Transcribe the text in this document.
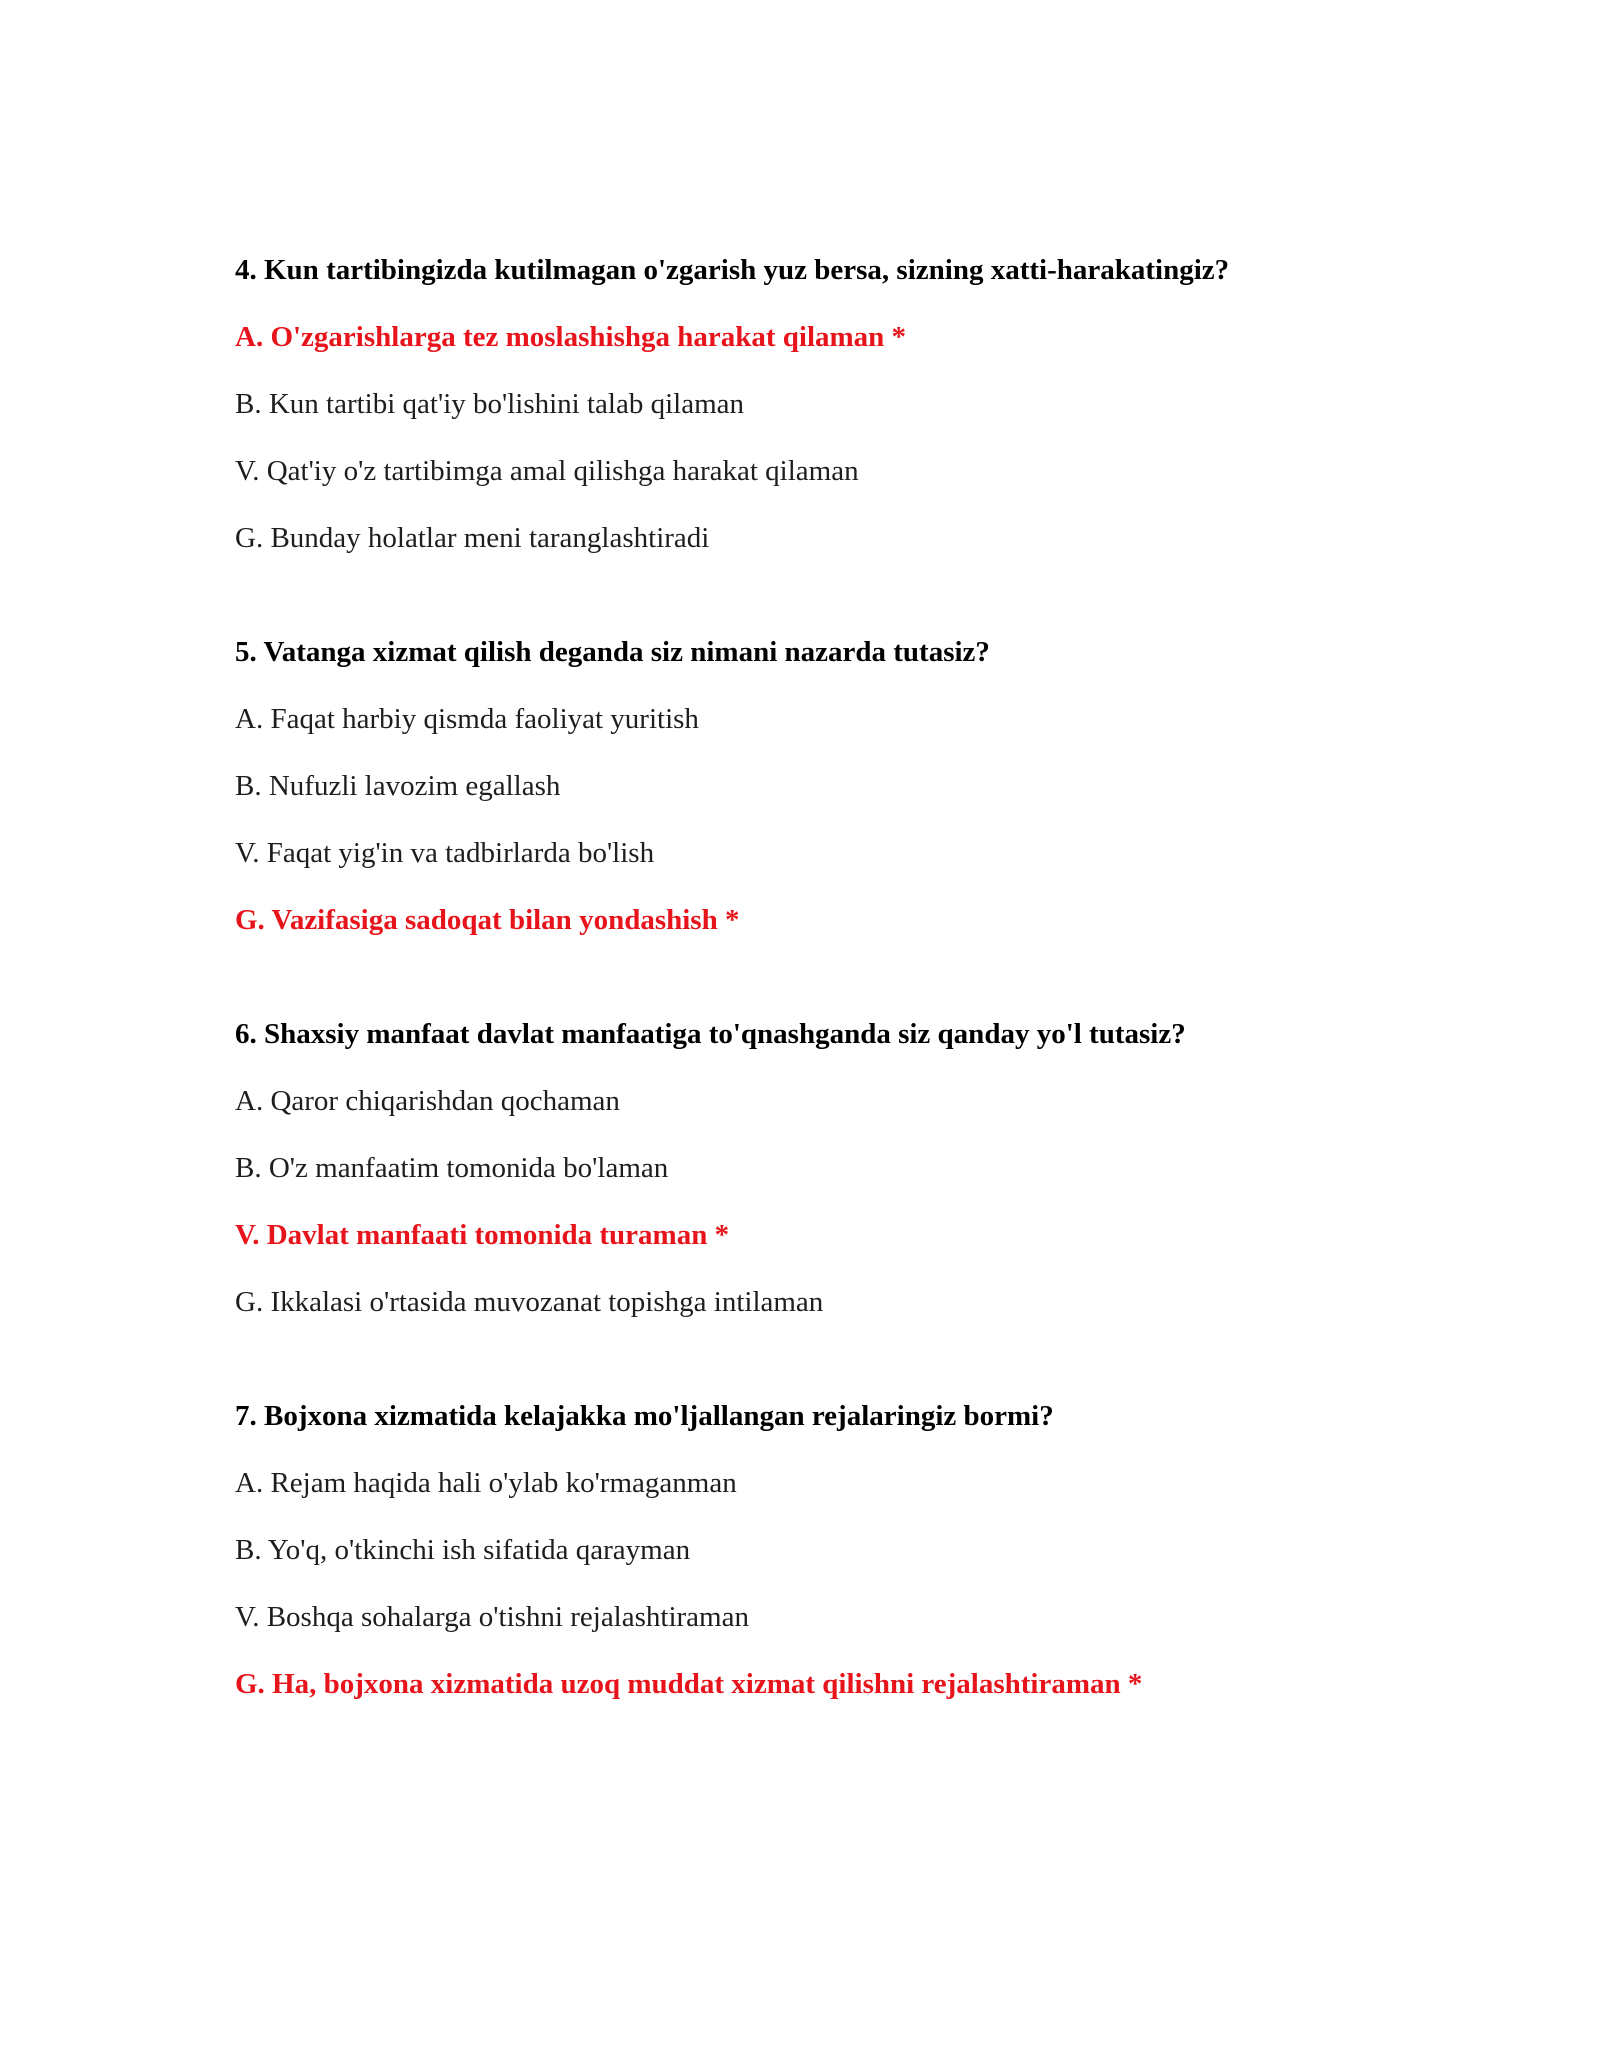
4. Kun tartibingizda kutilmagan o'zgarish yuz bersa, sizning xatti-harakatingiz?
A. O'zgarishlarga tez moslashishga harakat qilaman *
B. Kun tartibi qat'iy bo'lishini talab qilaman
V. Qat'iy o'z tartibimga amal qilishga harakat qilaman
G. Bunday holatlar meni taranglashtiradi
5. Vatanga xizmat qilish deganda siz nimani nazarda tutasiz?
A. Faqat harbiy qismda faoliyat yuritish
B. Nufuzli lavozim egallash
V. Faqat yig'in va tadbirlarda bo'lish
G. Vazifasiga sadoqat bilan yondashish *
6. Shaxsiy manfaat davlat manfaatiga to'qnashganda siz qanday yo'l tutasiz?
A. Qaror chiqarishdan qochaman
B. O'z manfaatim tomonida bo'laman
V. Davlat manfaati tomonida turaman *
G. Ikkalasi o'rtasida muvozanat topishga intilaman
7. Bojxona xizmatida kelajakka mo'ljallangan rejalaringiz bormi?
A. Rejam haqida hali o'ylab ko'rmaganman
B. Yo'q, o'tkinchi ish sifatida qarayman
V. Boshqa sohalarga o'tishni rejalashtiraman
G. Ha, bojxona xizmatida uzoq muddat xizmat qilishni rejalashtiraman *
